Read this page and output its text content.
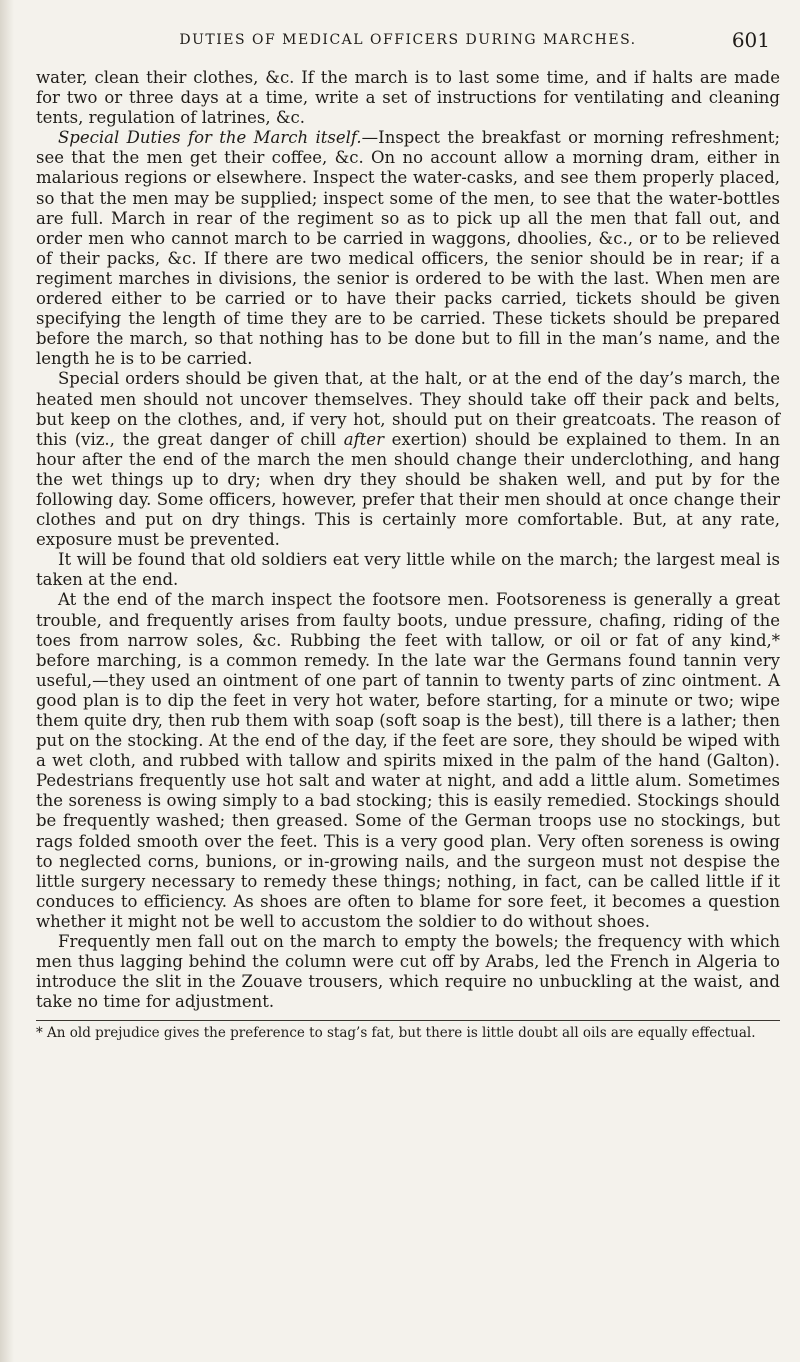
DUTIES OF MEDICAL OFFICERS DURING MARCHES.	601

water, clean their clothes, &c. If the march is to last some time, and if halts are made for two or three days at a time, write a set of instructions for ventilating and cleaning tents, regulation of latrines, &c.

Special Duties for the March itself.—Inspect the breakfast or morning refreshment; see that the men get their coffee, &c. On no account allow a morning dram, either in malarious regions or elsewhere. Inspect the water-casks, and see them properly placed, so that the men may be supplied; inspect some of the men, to see that the water-bottles are full. March in rear of the regiment so as to pick up all the men that fall out, and order men who cannot march to be carried in waggons, dhoolies, &c., or to be relieved of their packs, &c. If there are two medical officers, the senior should be in rear; if a regiment marches in divisions, the senior is ordered to be with the last. When men are ordered either to be carried or to have their packs carried, tickets should be given specifying the length of time they are to be carried. These tickets should be prepared before the march, so that nothing has to be done but to fill in the man’s name, and the length he is to be carried.

Special orders should be given that, at the halt, or at the end of the day’s march, the heated men should not uncover themselves. They should take off their pack and belts, but keep on the clothes, and, if very hot, should put on their greatcoats. The reason of this (viz., the great danger of chill after exertion) should be explained to them. In an hour after the end of the march the men should change their underclothing, and hang the wet things up to dry; when dry they should be shaken well, and put by for the following day. Some officers, however, prefer that their men should at once change their clothes and put on dry things. This is certainly more comfortable. But, at any rate, exposure must be prevented.

It will be found that old soldiers eat very little while on the march; the largest meal is taken at the end.

At the end of the march inspect the footsore men. Footsoreness is generally a great trouble, and frequently arises from faulty boots, undue pressure, chafing, riding of the toes from narrow soles, &c. Rubbing the feet with tallow, or oil or fat of any kind,* before marching, is a common remedy. In the late war the Germans found tannin very useful,—they used an ointment of one part of tannin to twenty parts of zinc ointment. A good plan is to dip the feet in very hot water, before starting, for a minute or two; wipe them quite dry, then rub them with soap (soft soap is the best), till there is a lather; then put on the stocking. At the end of the day, if the feet are sore, they should be wiped with a wet cloth, and rubbed with tallow and spirits mixed in the palm of the hand (Galton). Pedestrians frequently use hot salt and water at night, and add a little alum. Sometimes the soreness is owing simply to a bad stocking; this is easily remedied. Stockings should be frequently washed; then greased. Some of the German troops use no stockings, but rags folded smooth over the feet. This is a very good plan. Very often soreness is owing to neglected corns, bunions, or in-growing nails, and the surgeon must not despise the little surgery necessary to remedy these things; nothing, in fact, can be called little if it conduces to efficiency. As shoes are often to blame for sore feet, it becomes a question whether it might not be well to accustom the soldier to do without shoes.

Frequently men fall out on the march to empty the bowels; the frequency with which men thus lagging behind the column were cut off by Arabs, led the French in Algeria to introduce the slit in the Zouave trousers, which require no unbuckling at the waist, and take no time for adjustment.

* An old prejudice gives the preference to stag’s fat, but there is little doubt all oils are equally effectual.
